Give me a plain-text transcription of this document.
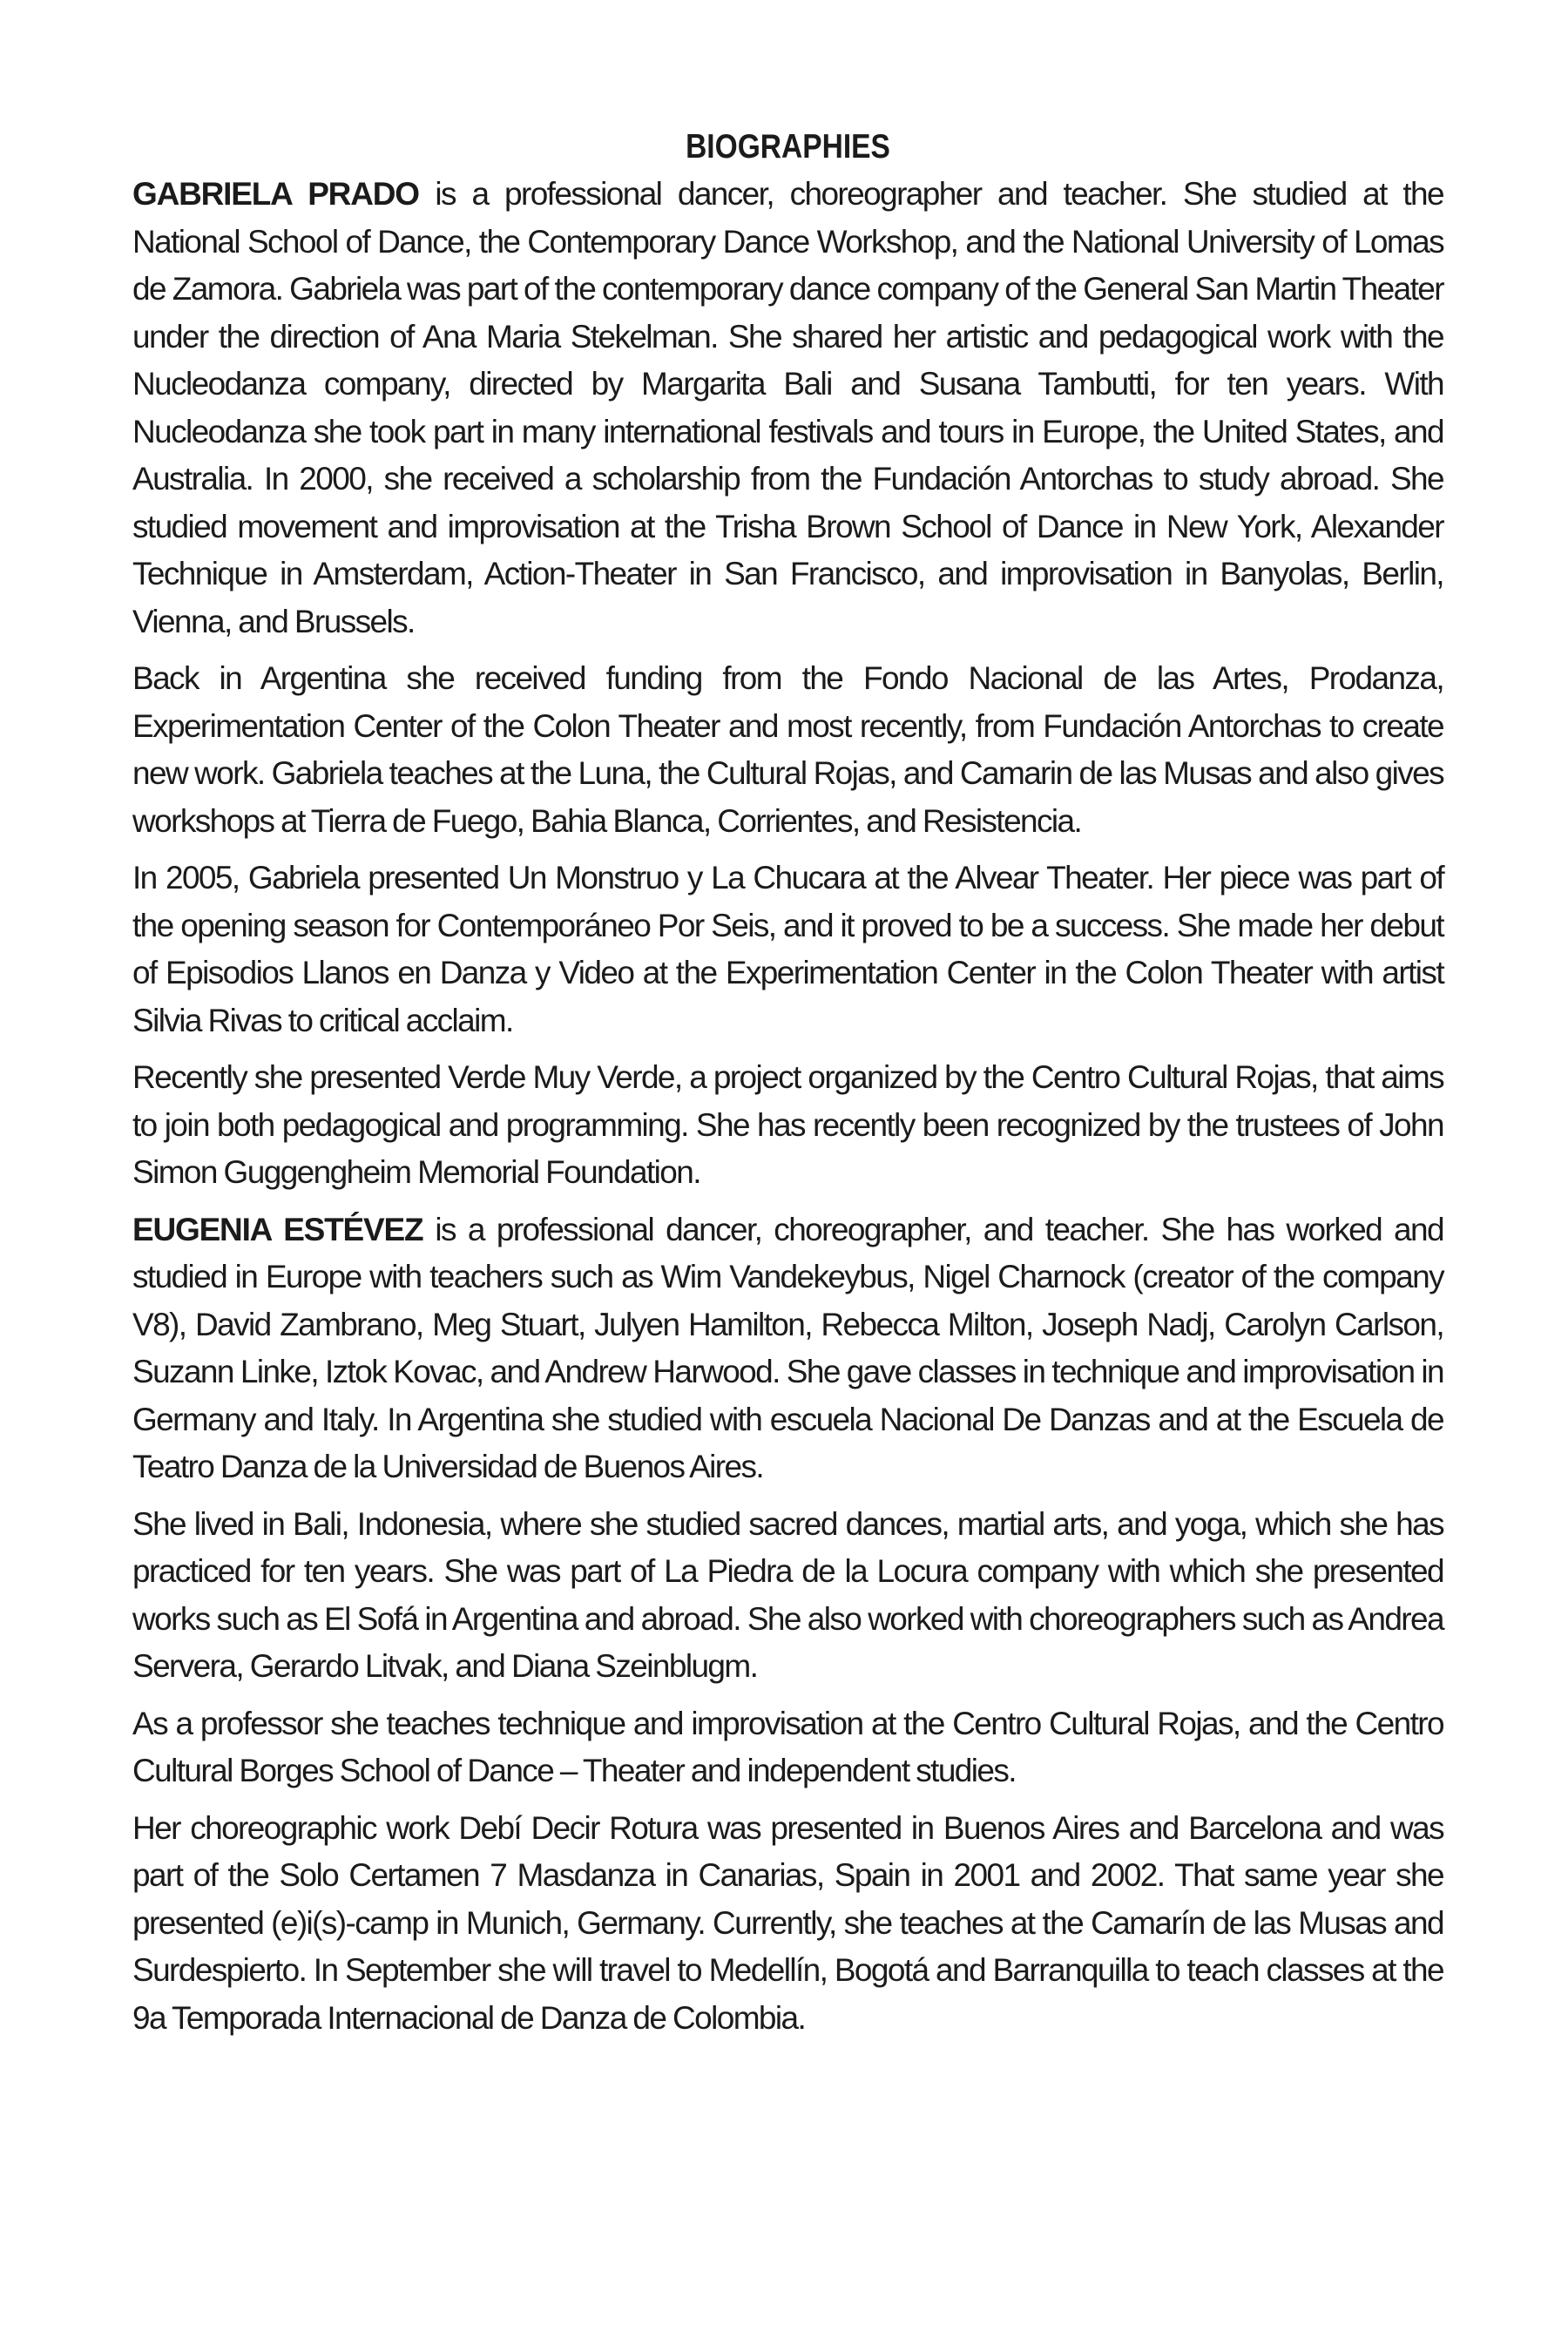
BIOGRAPHIES

GABRIELA PRADO is a professional dancer, choreographer and teacher. She studied at the National School of Dance, the Contemporary Dance Workshop, and the National University of Lomas de Zamora. Gabriela was part of the contemporary dance company of the General San Martin Theater under the direction of Ana Maria Stekelman. She shared her artistic and pedagogical work with the Nucleodanza company, directed by Margarita Bali and Susana Tambutti, for ten years. With Nucleodanza she took part in many international festivals and tours in Europe, the United States, and Australia. In 2000, she received a scholarship from the Fundación Antorchas to study abroad. She studied movement and improvisation at the Trisha Brown School of Dance in New York, Alexander Technique in Amsterdam, Action-Theater in San Francisco, and improvisation in Banyolas, Berlin, Vienna, and Brussels.

Back in Argentina she received funding from the Fondo Nacional de las Artes, Prodanza, Experimentation Center of the Colon Theater and most recently, from Fundación Antorchas to create new work. Gabriela teaches at the Luna, the Cultural Rojas, and Camarin de las Musas and also gives workshops at Tierra de Fuego, Bahia Blanca, Corrientes, and Resistencia.

In 2005, Gabriela presented Un Monstruo y La Chucara at the Alvear Theater. Her piece was part of the opening season for Contemporáneo Por Seis, and it proved to be a success. She made her debut of Episodios Llanos en Danza y Video at the Experimentation Center in the Colon Theater with artist Silvia Rivas to critical acclaim.

Recently she presented Verde Muy Verde, a project organized by the Centro Cultural Rojas, that aims to join both pedagogical and programming. She has recently been recognized by the trustees of John Simon Guggengheim Memorial Foundation.

EUGENIA ESTÉVEZ is a professional dancer, choreographer, and teacher. She has worked and studied in Europe with teachers such as Wim Vandekeybus, Nigel Charnock (creator of the company V8), David Zambrano, Meg Stuart, Julyen Hamilton, Rebecca Milton, Joseph Nadj, Carolyn Carlson, Suzann Linke, Iztok Kovac, and Andrew Harwood. She gave classes in technique and improvisation in Germany and Italy. In Argentina she studied with escuela Nacional De Danzas and at the Escuela de Teatro Danza de la Universidad de Buenos Aires.

She lived in Bali, Indonesia, where she studied sacred dances, martial arts, and yoga, which she has practiced for ten years. She was part of La Piedra de la Locura company with which she presented works such as El Sofá in Argentina and abroad. She also worked with choreographers such as Andrea Servera, Gerardo Litvak, and Diana Szeinblugm.

As a professor she teaches technique and improvisation at the Centro Cultural Rojas, and the Centro Cultural Borges School of Dance – Theater and independent studies.

Her choreographic work Debí Decir Rotura was presented in Buenos Aires and Barcelona and was part of the Solo Certamen 7 Masdanza in Canarias, Spain in 2001 and 2002. That same year she presented (e)i(s)-camp in Munich, Germany. Currently, she teaches at the Camarín de las Musas and Surdespierto. In September she will travel to Medellín, Bogotá and Barranquilla to teach classes at the 9a Temporada Internacional de Danza de Colombia.
